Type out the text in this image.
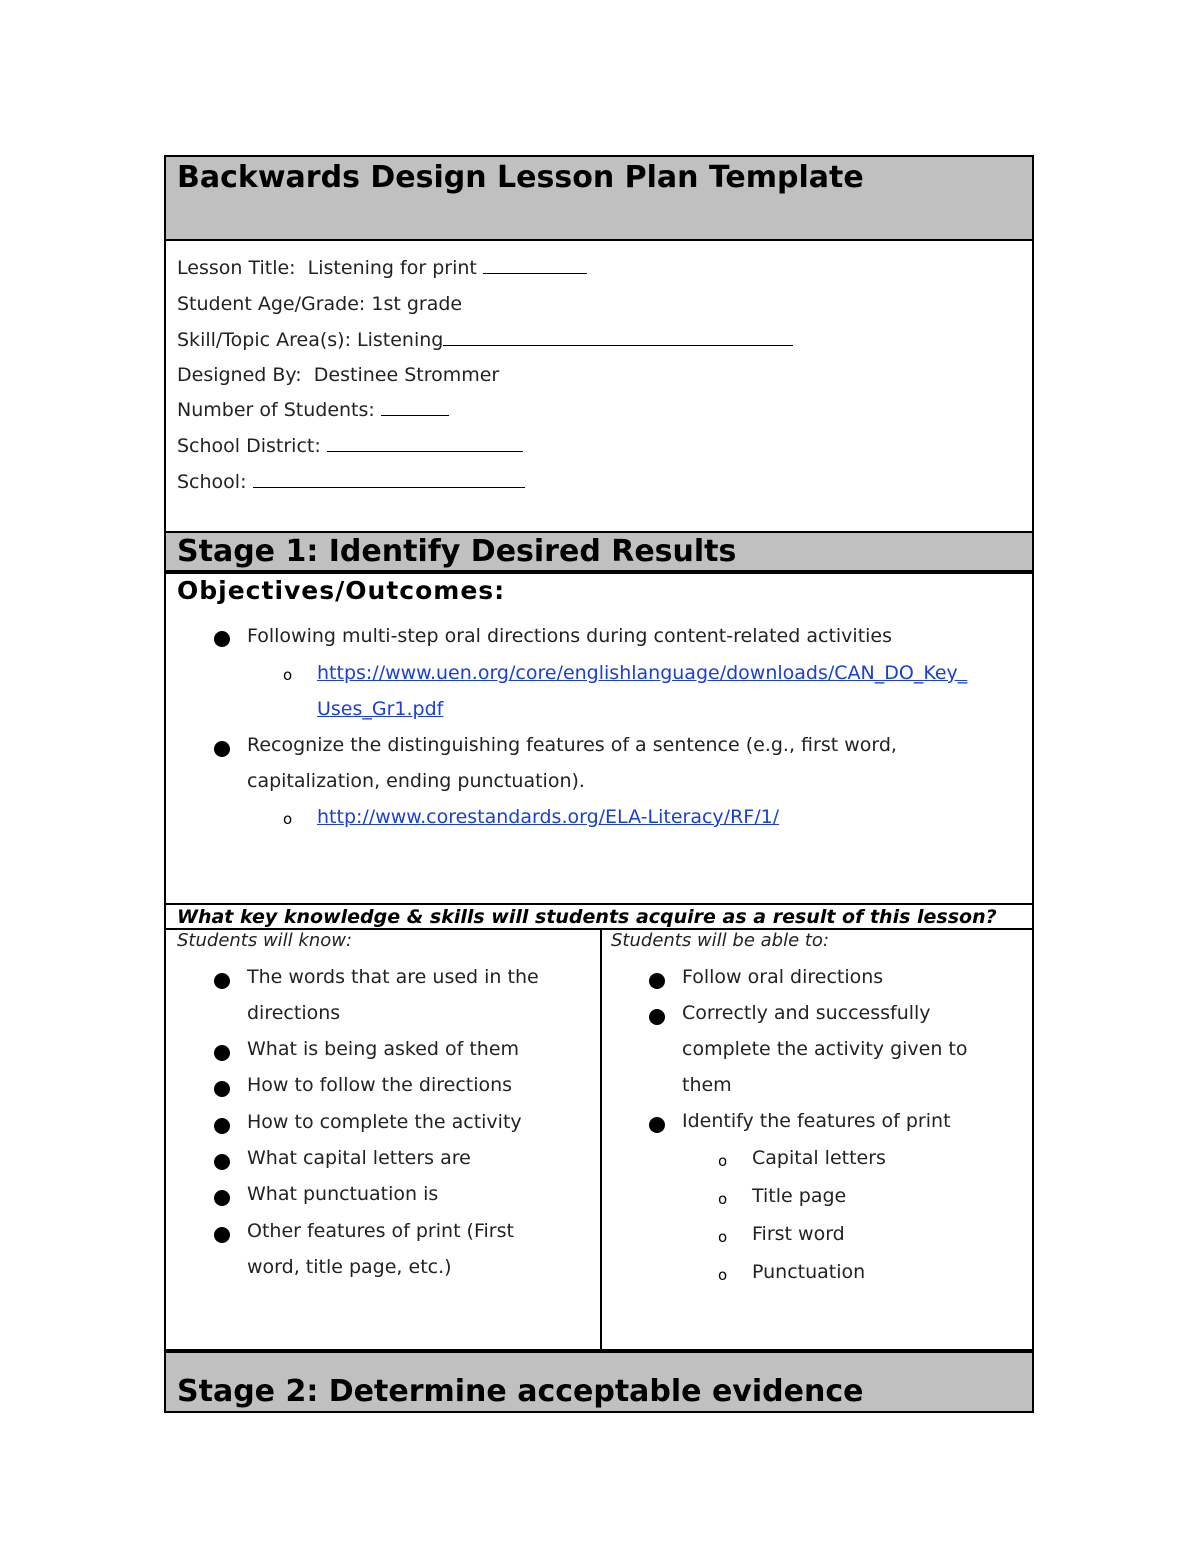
Backwards Design Lesson Plan Template
Lesson Title: Listening for print
Student Age/Grade: 1st grade
Skill/Topic Area(s): Listening
Designed By: Destinee Strommer
Number of Students:
School District:
School:
Stage 1: Identify Desired Results
Objectives/Outcomes:
Following multi-step oral directions during content-related activities
o https://www.uen.org/core/englishlanguage/downloads/CAN_DO_Key_
Uses_Gr1.pdf
Recognize the distinguishing features of a sentence (e.g., first word,
capitalization, ending punctuation).
o http://www.corestandards.org/ELA-Literacy/RF/1/
What key knowledge & skills will students acquire as a result of this lesson?
Students will know:
The words that are used in the
directions
What is being asked of them
How to follow the directions
How to complete the activity
What capital letters are
What punctuation is
Other features of print (First
word, title page, etc.)
Students will be able to:
Follow oral directions
Correctly and successfully
complete the activity given to
them
Identify the features of print
o Capital letters
o Title page
o First word
o Punctuation
Stage 2: Determine acceptable evidence
